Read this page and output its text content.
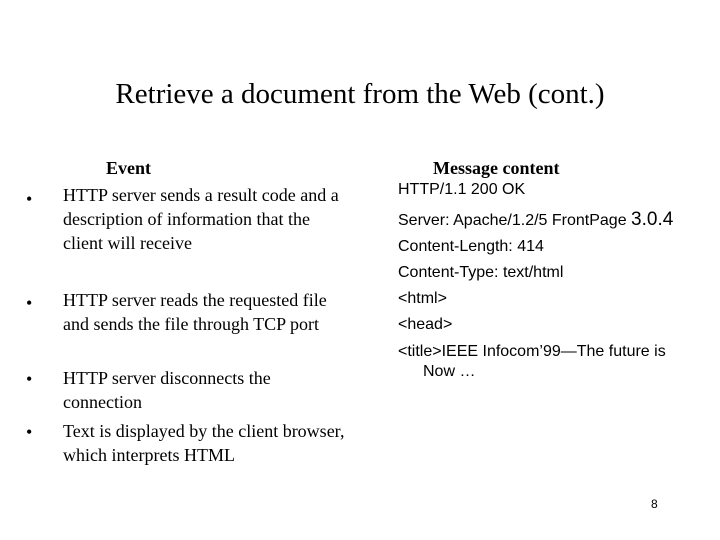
Retrieve a document from the Web (cont.)
Event	Message content
• HTTP server sends a result code and a description of information that the client will receive
• HTTP server reads the requested file and sends the file through TCP port
• HTTP server disconnects the connection
• Text is displayed by the client browser, which interprets HTML
HTTP/1.1 200 OK
Server: Apache/1.2/5 FrontPage 3.0.4
Content-Length: 414
Content-Type: text/html
<html>
<head>
<title>IEEE Infocom’99—The future is
Now …
8
